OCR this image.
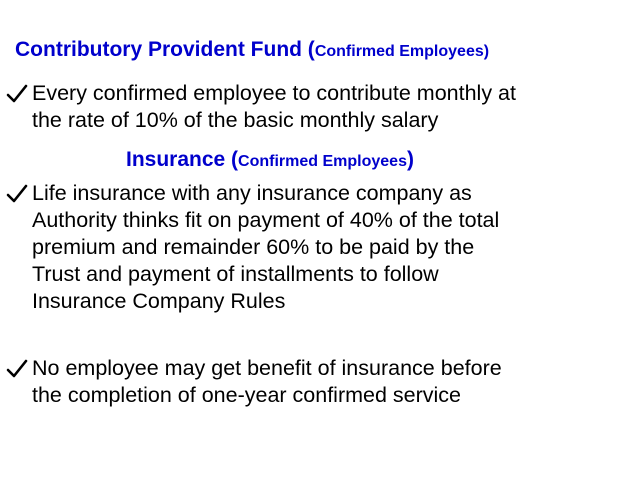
Contributory Provident Fund (Confirmed Employees)
Every confirmed employee to contribute monthly at
the rate of 10% of the basic monthly salary
Insurance (Confirmed Employees)
Life insurance with any insurance company as
Authority thinks fit on payment of 40% of the total
premium and remainder 60% to be paid by the
Trust and payment of installments to follow
Insurance Company Rules
No employee may get benefit of insurance before
the completion of one-year confirmed service
